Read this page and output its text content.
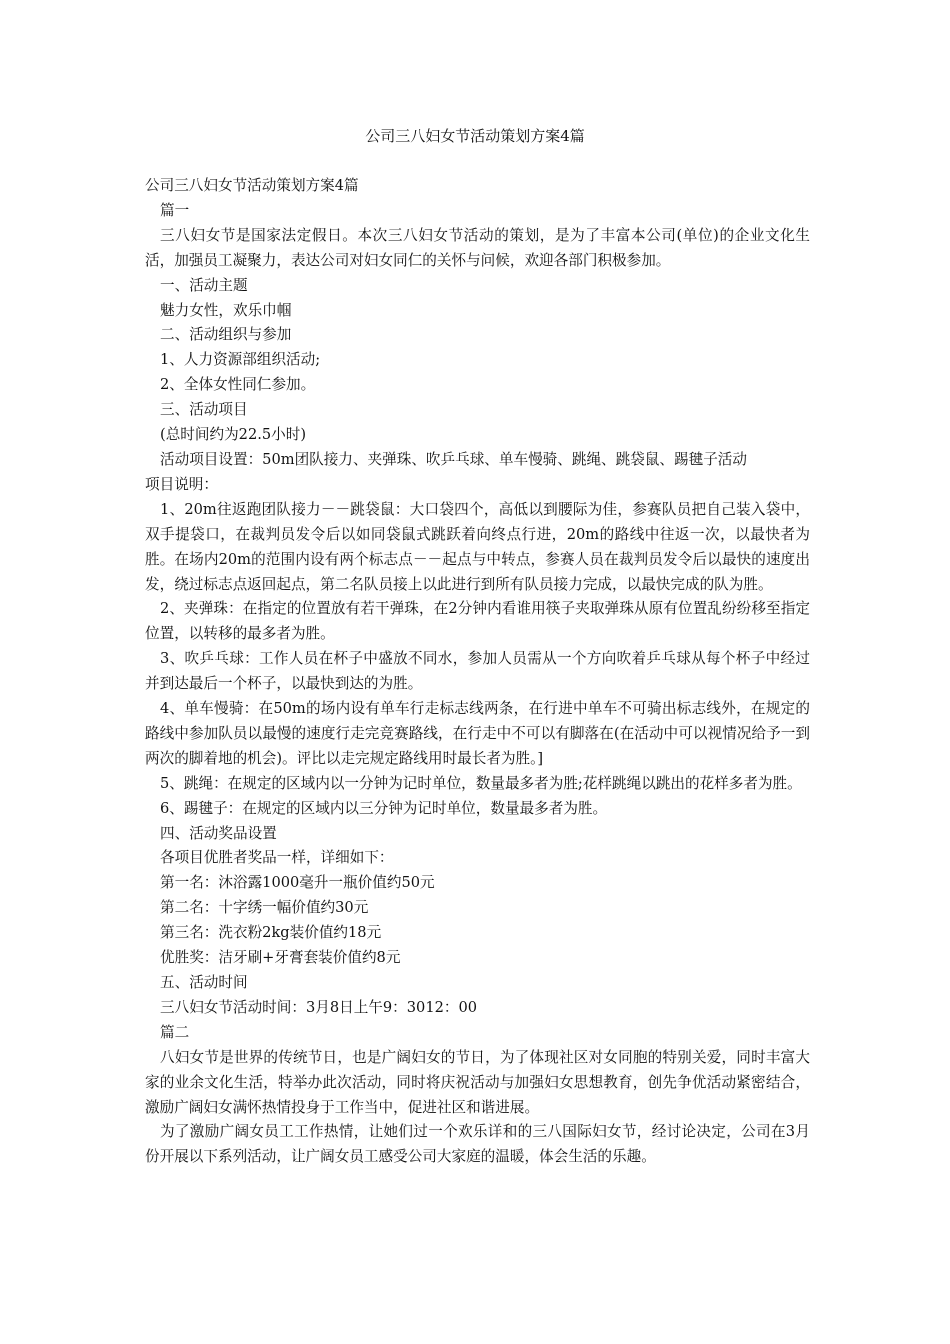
公司三八妇女节活动策划方案4篇

公司三八妇女节活动策划方案4篇

篇一

三八妇女节是国家法定假日。本次三八妇女节活动的策划，是为了丰富本公司(单位)的企业文化生活，加强员工凝聚力，表达公司对妇女同仁的关怀与问候，欢迎各部门积极参加。

一、活动主题

魅力女性，欢乐巾帼

二、活动组织与参加

1、人力资源部组织活动;

2、全体女性同仁参加。

三、活动项目

(总时间约为22.5小时)

活动项目设置：50m团队接力、夹弹珠、吹乒乓球、单车慢骑、跳绳、跳袋鼠、踢毽子活动

项目说明：

1、20m往返跑团队接力－－跳袋鼠：大口袋四个，高低以到腰际为佳，参赛队员把自己装入袋中，双手提袋口，在裁判员发令后以如同袋鼠式跳跃着向终点行进，20m的路线中往返一次，以最快者为胜。在场内20m的范围内设有两个标志点－－起点与中转点，参赛人员在裁判员发令后以最快的速度出发，绕过标志点返回起点，第二名队员接上以此进行到所有队员接力完成，以最快完成的队为胜。

2、夹弹珠：在指定的位置放有若干弹珠，在2分钟内看谁用筷子夹取弹珠从原有位置乱纷纷移至指定位置，以转移的最多者为胜。

3、吹乒乓球：工作人员在杯子中盛放不同水，参加人员需从一个方向吹着乒乓球从每个杯子中经过并到达最后一个杯子，以最快到达的为胜。

4、单车慢骑：在50m的场内设有单车行走标志线两条，在行进中单车不可骑出标志线外，在规定的路线中参加队员以最慢的速度行走完竞赛路线，在行走中不可以有脚落在(在活动中可以视情况给予一到两次的脚着地的机会)。评比以走完规定路线用时最长者为胜。]

5、跳绳：在规定的区域内以一分钟为记时单位，数量最多者为胜;花样跳绳以跳出的花样多者为胜。

6、踢毽子：在规定的区域内以三分钟为记时单位，数量最多者为胜。

四、活动奖品设置

各项目优胜者奖品一样，详细如下：

第一名：沐浴露1000毫升一瓶价值约50元

第二名：十字绣一幅价值约30元

第三名：洗衣粉2kg装价值约18元

优胜奖：洁牙刷+牙膏套装价值约8元

五、活动时间

三八妇女节活动时间：3月8日上午9：3012：00

篇二

八妇女节是世界的传统节日，也是广阔妇女的节日，为了体现社区对女同胞的特别关爱，同时丰富大家的业余文化生活，特举办此次活动，同时将庆祝活动与加强妇女思想教育，创先争优活动紧密结合，激励广阔妇女满怀热情投身于工作当中，促进社区和谐进展。

为了激励广阔女员工工作热情，让她们过一个欢乐详和的三八国际妇女节，经讨论决定，公司在3月份开展以下系列活动，让广阔女员工感受公司大家庭的温暖，体会生活的乐趣。
